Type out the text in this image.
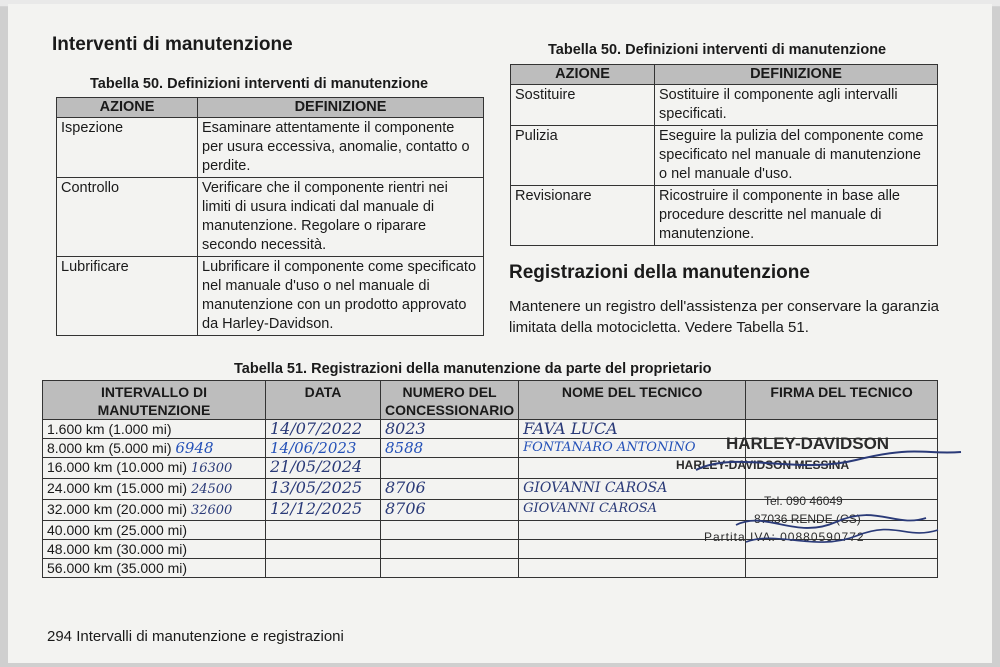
Interventi di manutenzione
Tabella 50. Definizioni interventi di manutenzione
AZIONE	DEFINIZIONE
Ispezione	Esaminare attentamente il componente per usura eccessiva, anomalie, contatto o perdite.
Controllo	Verificare che il componente rientri nei limiti di usura indicati dal manuale di manutenzione. Regolare o riparare secondo necessità.
Lubrificare	Lubrificare il componente come specificato nel manuale d'uso o nel manuale di manutenzione con un prodotto approvato da Harley-Davidson.
Tabella 50. Definizioni interventi di manutenzione
AZIONE	DEFINIZIONE
Sostituire	Sostituire il componente agli intervalli specificati.
Pulizia	Eseguire la pulizia del componente come specificato nel manuale di manutenzione o nel manuale d'uso.
Revisionare	Ricostruire il componente in base alle procedure descritte nel manuale di manutenzione.
Registrazioni della manutenzione
Mantenere un registro dell'assistenza per conservare la garanzia limitata della motocicletta. Vedere Tabella 51.
Tabella 51. Registrazioni della manutenzione da parte del proprietario
INTERVALLO DI MANUTENZIONE	DATA	NUMERO DEL CONCESSIONARIO	NOME DEL TECNICO	FIRMA DEL TECNICO
1.600 km (1.000 mi)	14/07/2022	8023	FAVA LUCA	
8.000 km (5.000 mi) 6948	14/06/2023	8588	FONTANARO ANTONINO	
16.000 km (10.000 mi) 16300	21/05/2024			
24.000 km (15.000 mi) 24500	13/05/2025	8706	GIOVANNI CAROSA	
32.000 km (20.000 mi) 32600	12/12/2025	8706	GIOVANNI CAROSA	
40.000 km (25.000 mi)				
48.000 km (30.000 mi)				
56.000 km (35.000 mi)				
HARLEY-DAVIDSON
HARLEY-DAVIDSON MESSINA
Tel. 090 46049
87036 RENDE (CS)
Partita IVA: 00880590772
294 Intervalli di manutenzione e registrazioni
